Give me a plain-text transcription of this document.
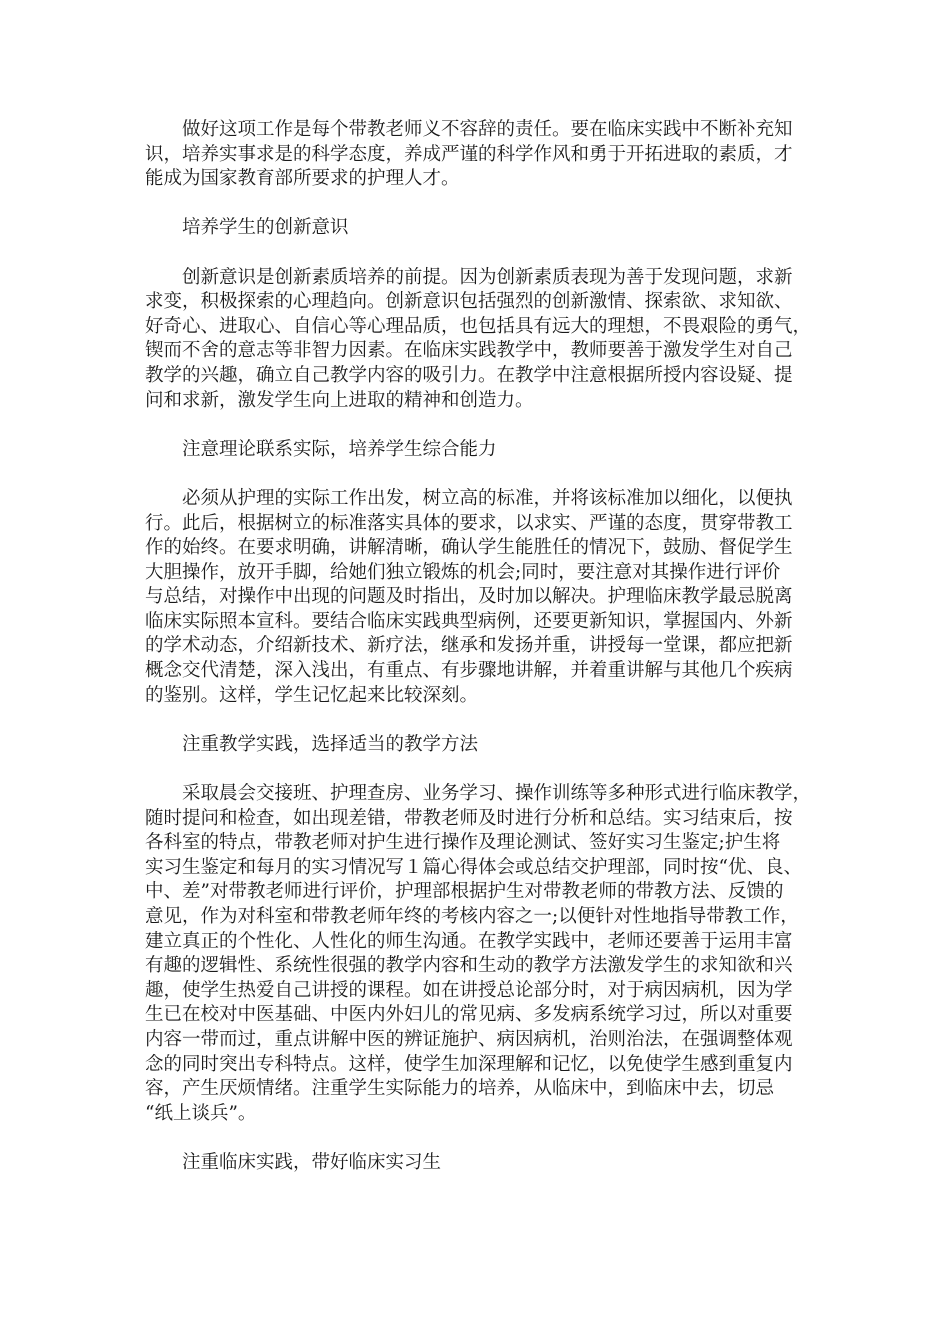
做好这项工作是每个带教老师义不容辞的责任。要在临床实践中不断补充知
识，培养实事求是的科学态度，养成严谨的科学作风和勇于开拓进取的素质，才
能成为国家教育部所要求的护理人才。
培养学生的创新意识
创新意识是创新素质培养的前提。因为创新素质表现为善于发现问题，求新
求变，积极探索的心理趋向。创新意识包括强烈的创新激情、探索欲、求知欲、
好奇心、进取心、自信心等心理品质，也包括具有远大的理想，不畏艰险的勇气，
锲而不舍的意志等非智力因素。在临床实践教学中，教师要善于激发学生对自己
教学的兴趣，确立自己教学内容的吸引力。在教学中注意根据所授内容设疑、提
问和求新，激发学生向上进取的精神和创造力。
注意理论联系实际，培养学生综合能力
必须从护理的实际工作出发，树立高的标准，并将该标准加以细化，以便执
行。此后，根据树立的标准落实具体的要求，以求实、严谨的态度，贯穿带教工
作的始终。在要求明确，讲解清晰，确认学生能胜任的情况下，鼓励、督促学生
大胆操作，放开手脚，给她们独立锻炼的机会;同时，要注意对其操作进行评价
与总结，对操作中出现的问题及时指出，及时加以解决。护理临床教学最忌脱离
临床实际照本宣科。要结合临床实践典型病例，还要更新知识，掌握国内、外新
的学术动态，介绍新技术、新疗法，继承和发扬并重，讲授每一堂课，都应把新
概念交代清楚，深入浅出，有重点、有步骤地讲解，并着重讲解与其他几个疾病
的鉴别。这样，学生记忆起来比较深刻。
注重教学实践，选择适当的教学方法
采取晨会交接班、护理查房、业务学习、操作训练等多种形式进行临床教学，
随时提问和检查，如出现差错，带教老师及时进行分析和总结。实习结束后，按
各科室的特点，带教老师对护生进行操作及理论测试、签好实习生鉴定;护生将
实习生鉴定和每月的实习情况写１篇心得体会或总结交护理部，同时按“优、良、
中、差”对带教老师进行评价，护理部根据护生对带教老师的带教方法、反馈的
意见，作为对科室和带教老师年终的考核内容之一;以便针对性地指导带教工作，
建立真正的个性化、人性化的师生沟通。在教学实践中，老师还要善于运用丰富
有趣的逻辑性、系统性很强的教学内容和生动的教学方法激发学生的求知欲和兴
趣，使学生热爱自己讲授的课程。如在讲授总论部分时，对于病因病机，因为学
生已在校对中医基础、中医内外妇儿的常见病、多发病系统学习过，所以对重要
内容一带而过，重点讲解中医的辨证施护、病因病机，治则治法，在强调整体观
念的同时突出专科特点。这样，使学生加深理解和记忆，以免使学生感到重复内
容，产生厌烦情绪。注重学生实际能力的培养，从临床中，到临床中去，切忌
“纸上谈兵”。
注重临床实践，带好临床实习生
